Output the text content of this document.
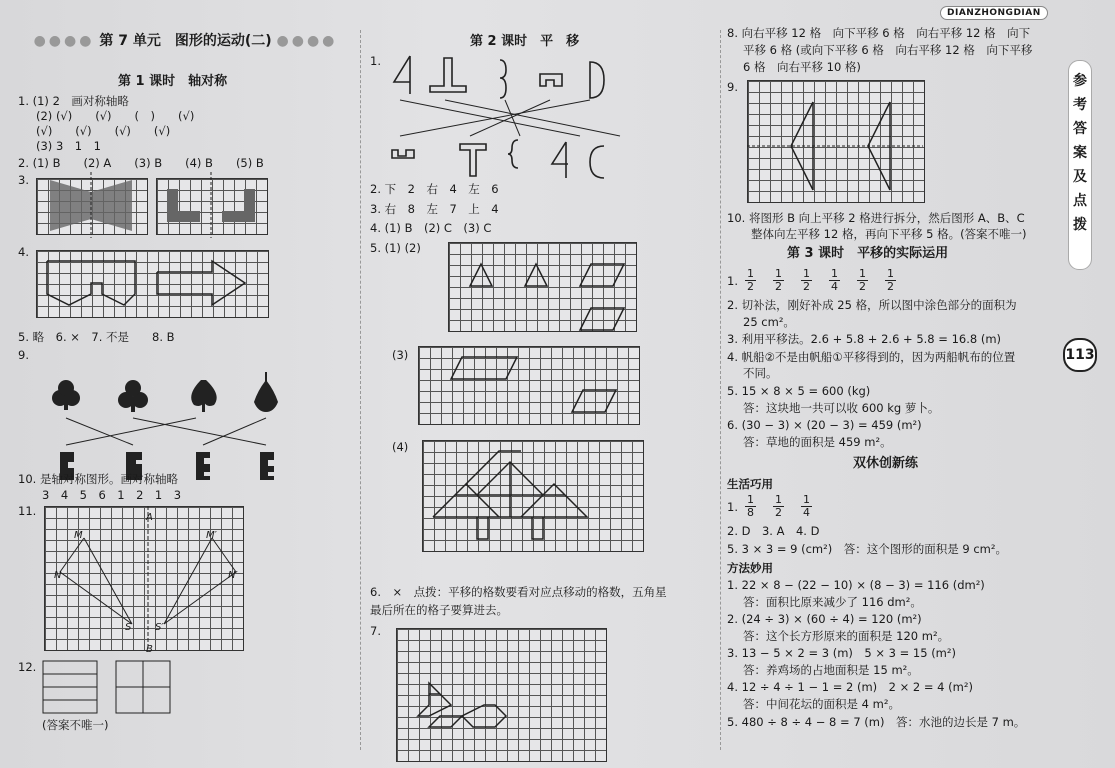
DIANZHONGDIAN
参
考
答
案
及
点
拨
113
●●●● 第 7 单元　图形的运动(二) ●●●●
第 1 课时　轴对称
1. (1) 2　画对称轴略
(2) (√)　　(√)　　(　)　　(√)
(√)　　(√)　　(√)　　(√)
(3) 3　1　1
2. (1) B　　(2) A　　(3) B　　(4) B　　(5) B
3.
4.
5. 略　6. ×　7. 不是　　8. B
9.
10. 是轴对称图形。画对称轴略
3　4　5　6　1　2　1　3
11.
M	M′
N	N′
S S′
A
B
12.
(答案不唯一)
第 2 课时　平　移
1.
2. 下　2　右　4　左　6
3. 右　8　左　7　上　4
4. (1) B　(2) C　(3) C
5. (1) (2)
(3)
(4)
6.　×　点拨：平移的格数要看对应点移动的格数，五角星
最后所在的格子要算进去。
7.
8. 向右平移 12 格　向下平移 6 格　向右平移 12 格　向下
平移 6 格 (或向下平移 6 格　向右平移 12 格　向下平移
6 格　向右平移 10 格)
9.
10. 将图形 B 向上平移 2 格进行拆分，然后图形 A、B、C
整体向左平移 12 格，再向下平移 5 格。(答案不唯一)
第 3 课时　平移的实际运用
1. $\frac{1}{2} \frac{1}{2} \frac{1}{2} \frac{1}{4} \frac{1}{2} \frac{1}{2}$
2. 切补法，刚好补成 25 格，所以图中涂色部分的面积为
25 cm²。
3. 利用平移法。2.6 + 5.8 + 2.6 + 5.8 = 16.8 (m)
4. 帆船②不是由帆船①平移得到的，因为两船帆布的位置
不同。
5. 15 × 8 × 5 = 600 (kg)
答：这块地一共可以收 600 kg 萝卜。
6. (30 − 3) × (20 − 3) = 459 (m²)
答：草地的面积是 459 m²。
双休创新练
生活巧用
1. $\frac{1}{8} \frac{1}{2} \frac{1}{4}$
2. D　3. A　4. D
5. 3 × 3 = 9 (cm²)　答：这个图形的面积是 9 cm²。
方法妙用
1. 22 × 8 − (22 − 10) × (8 − 3) = 116 (dm²)
答：面积比原来减少了 116 dm²。
2. (24 ÷ 3) × (60 ÷ 4) = 120 (m²)
答：这个长方形原来的面积是 120 m²。
3. 13 − 5 × 2 = 3 (m)　5 × 3 = 15 (m²)
答：养鸡场的占地面积是 15 m²。
4. 12 ÷ 4 ÷ 1 − 1 = 2 (m)　2 × 2 = 4 (m²)
答：中间花坛的面积是 4 m²。
5. 480 ÷ 8 ÷ 4 − 8 = 7 (m)　答：水池的边长是 7 m。
